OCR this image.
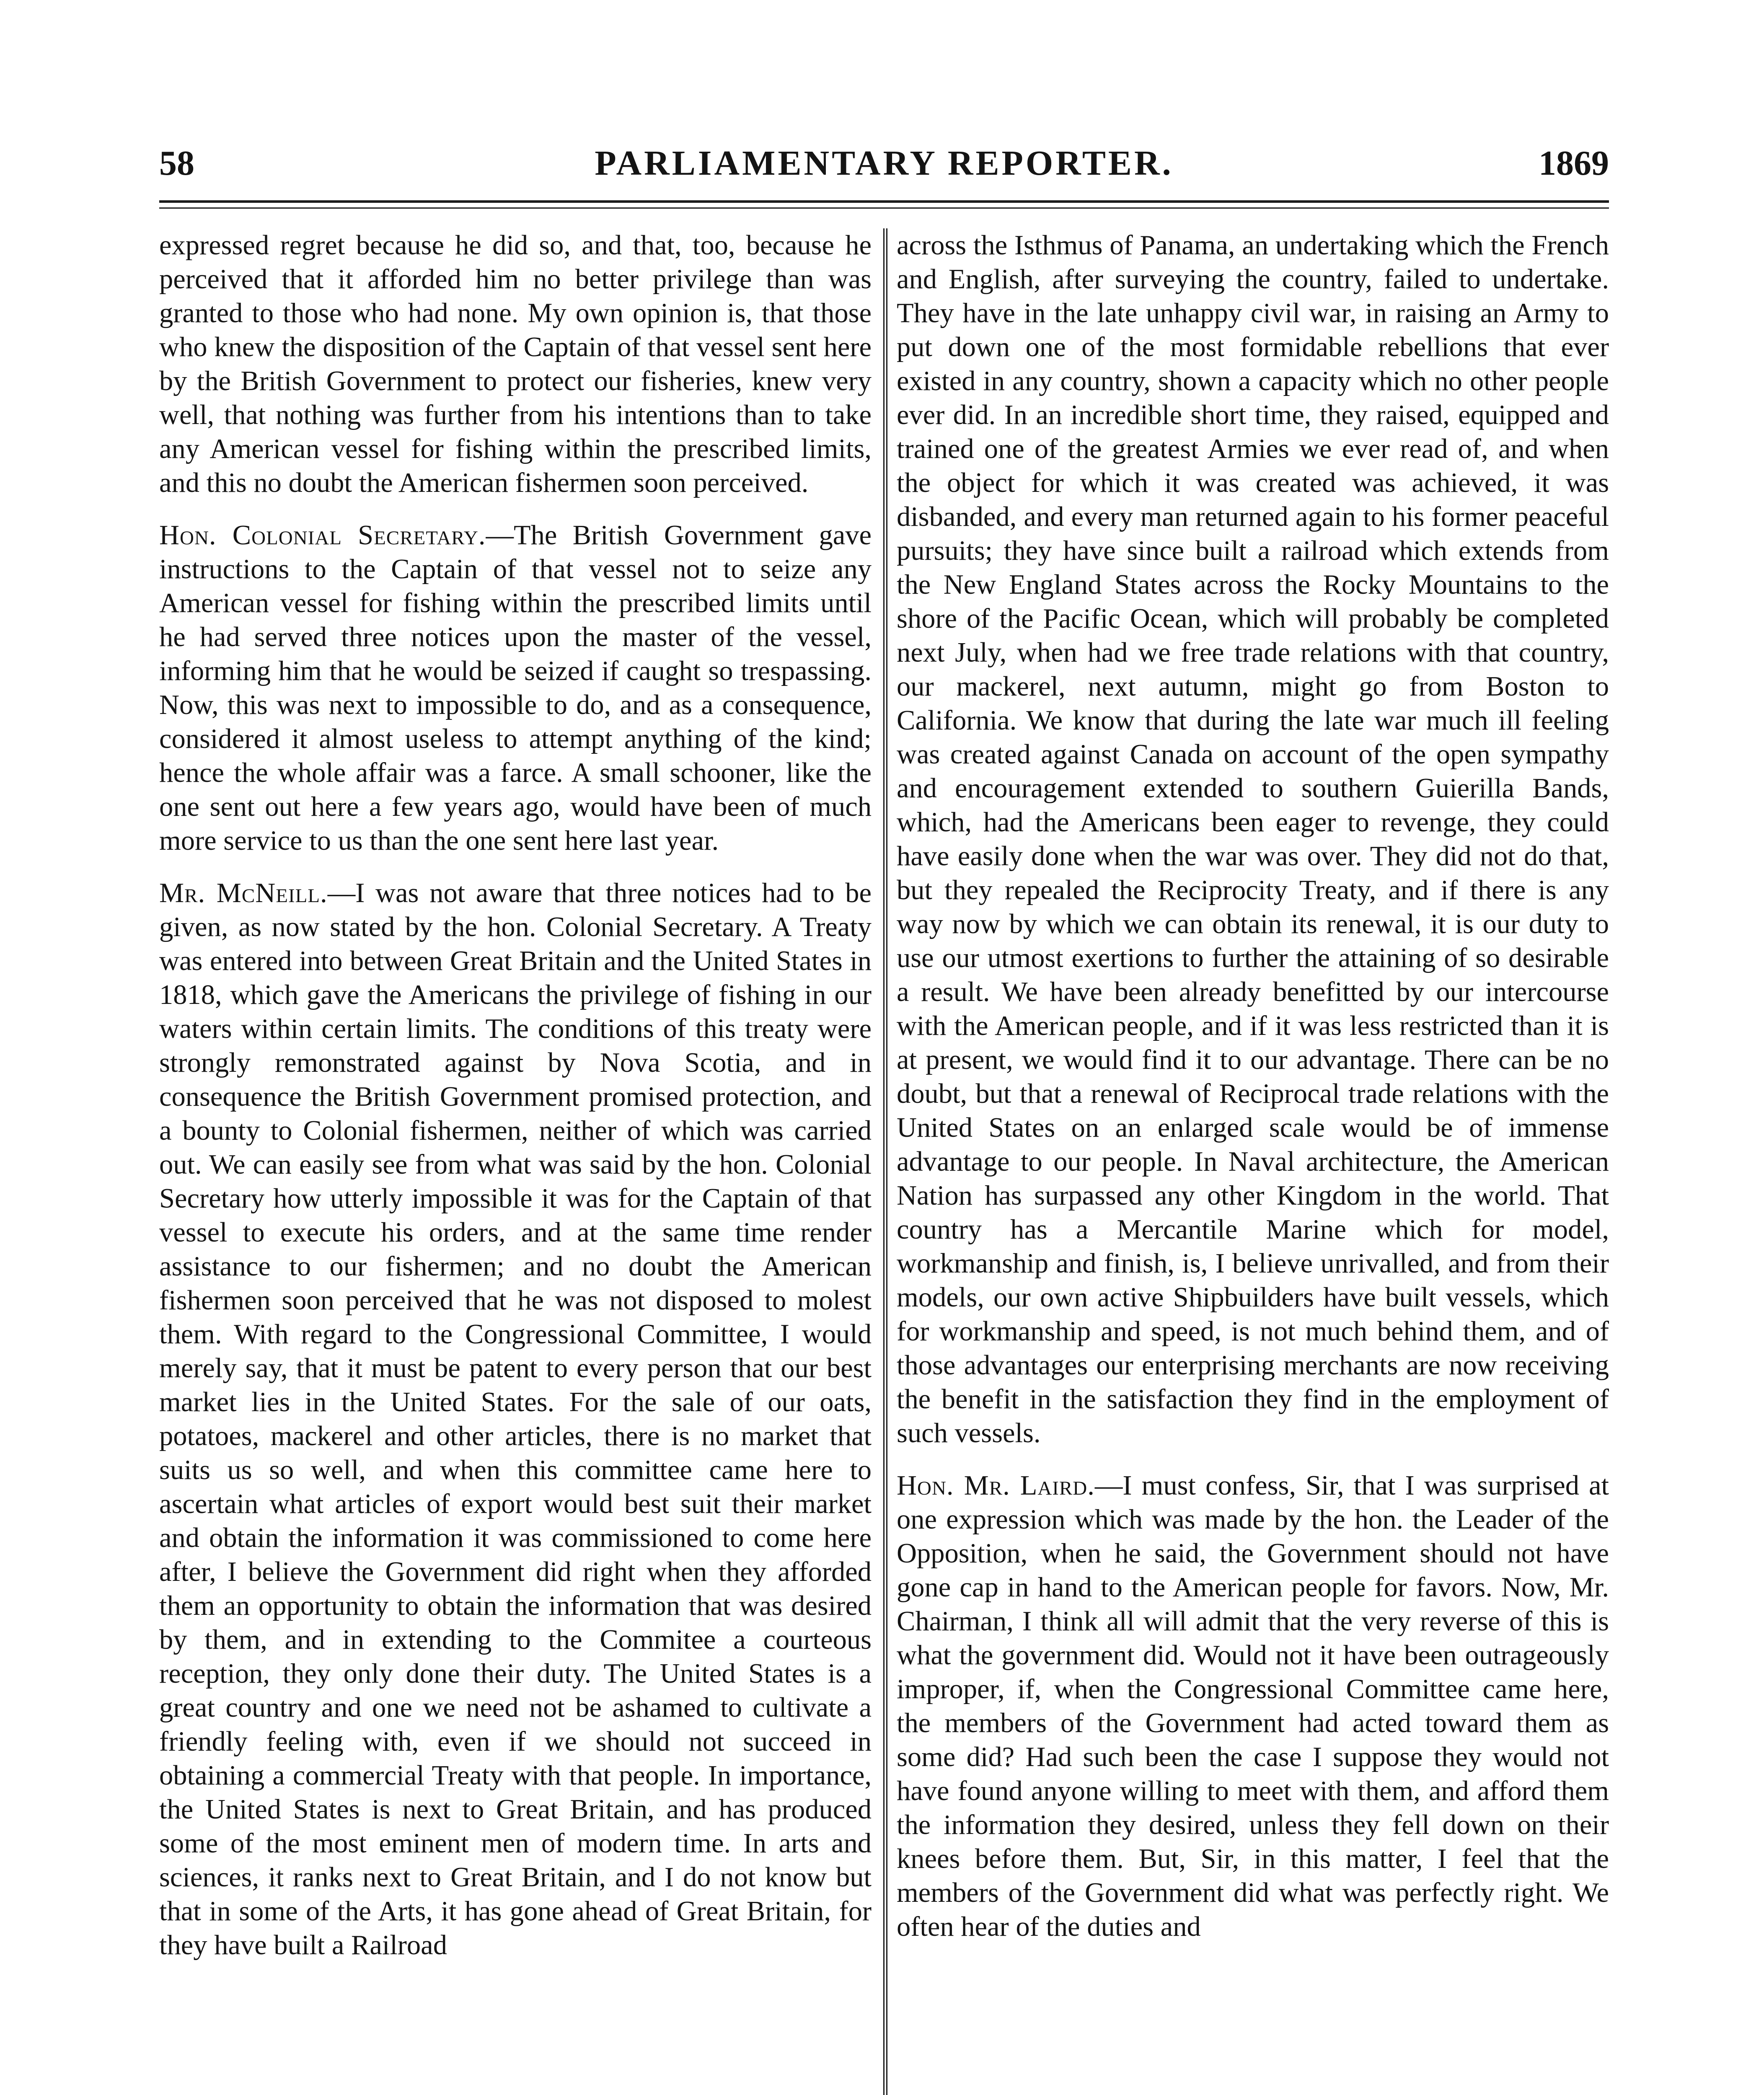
58	PARLIAMENTARY REPORTER.	1869

expressed regret because he did so, and that, too, because he perceived that it afforded him no better privilege than was granted to those who had none. My own opinion is, that those who knew the disposition of the Captain of that vessel sent here by the British Government to protect our fisheries, knew very well, that nothing was further from his intentions than to take any American vessel for fishing within the prescribed limits, and this no doubt the American fishermen soon perceived.

Hon. Colonial Secretary.—The British Government gave instructions to the Captain of that vessel not to seize any American vessel for fishing within the prescribed limits until he had served three notices upon the master of the vessel, informing him that he would be seized if caught so trespassing. Now, this was next to impossible to do, and as a consequence, considered it almost useless to attempt anything of the kind; hence the whole affair was a farce. A small schooner, like the one sent out here a few years ago, would have been of much more service to us than the one sent here last year.

Mr. McNeill.—I was not aware that three notices had to be given, as now stated by the hon. Colonial Secretary. A Treaty was entered into between Great Britain and the United States in 1818, which gave the Americans the privilege of fishing in our waters within certain limits. The conditions of this treaty were strongly remonstrated against by Nova Scotia, and in consequence the British Government promised protection, and a bounty to Colonial fishermen, neither of which was carried out. We can easily see from what was said by the hon. Colonial Secretary how utterly impossible it was for the Captain of that vessel to execute his orders, and at the same time render assistance to our fishermen; and no doubt the American fishermen soon perceived that he was not disposed to molest them. With regard to the Congressional Committee, I would merely say, that it must be patent to every person that our best market lies in the United States. For the sale of our oats, potatoes, mackerel and other articles, there is no market that suits us so well, and when this committee came here to ascertain what articles of export would best suit their market and obtain the information it was commissioned to come here after, I believe the Government did right when they afforded them an opportunity to obtain the information that was desired by them, and in extending to the Commitee a courteous reception, they only done their duty. The United States is a great country and one we need not be ashamed to cultivate a friendly feeling with, even if we should not succeed in obtaining a commercial Treaty with that people. In importance, the United States is next to Great Britain, and has produced some of the most eminent men of modern time. In arts and sciences, it ranks next to Great Britain, and I do not know but that in some of the Arts, it has gone ahead of Great Britain, for they have built a Railroad

across the Isthmus of Panama, an undertaking which the French and English, after surveying the country, failed to undertake. They have in the late unhappy civil war, in raising an Army to put down one of the most formidable rebellions that ever existed in any country, shown a capacity which no other people ever did. In an incredible short time, they raised, equipped and trained one of the greatest Armies we ever read of, and when the object for which it was created was achieved, it was disbanded, and every man returned again to his former peaceful pursuits; they have since built a railroad which extends from the New England States across the Rocky Mountains to the shore of the Pacific Ocean, which will probably be completed next July, when had we free trade relations with that country, our mackerel, next autumn, might go from Boston to California. We know that during the late war much ill feeling was created against Canada on account of the open sympathy and encouragement extended to southern Guierilla Bands, which, had the Americans been eager to revenge, they could have easily done when the war was over. They did not do that, but they repealed the Reciprocity Treaty, and if there is any way now by which we can obtain its renewal, it is our duty to use our utmost exertions to further the attaining of so desirable a result. We have been already benefitted by our intercourse with the American people, and if it was less restricted than it is at present, we would find it to our advantage. There can be no doubt, but that a renewal of Reciprocal trade relations with the United States on an enlarged scale would be of immense advantage to our people. In Naval architecture, the American Nation has surpassed any other Kingdom in the world. That country has a Mercantile Marine which for model, workmanship and finish, is, I believe unrivalled, and from their models, our own active Shipbuilders have built vessels, which for workmanship and speed, is not much behind them, and of those advantages our enterprising merchants are now receiving the benefit in the satisfaction they find in the employment of such vessels.

Hon. Mr. Laird.—I must confess, Sir, that I was surprised at one expression which was made by the hon. the Leader of the Opposition, when he said, the Government should not have gone cap in hand to the American people for favors. Now, Mr. Chairman, I think all will admit that the very reverse of this is what the government did. Would not it have been outrageously improper, if, when the Congressional Committee came here, the members of the Government had acted toward them as some did? Had such been the case I suppose they would not have found anyone willing to meet with them, and afford them the information they desired, unless they fell down on their knees before them. But, Sir, in this matter, I feel that the members of the Government did what was perfectly right. We often hear of the duties and
